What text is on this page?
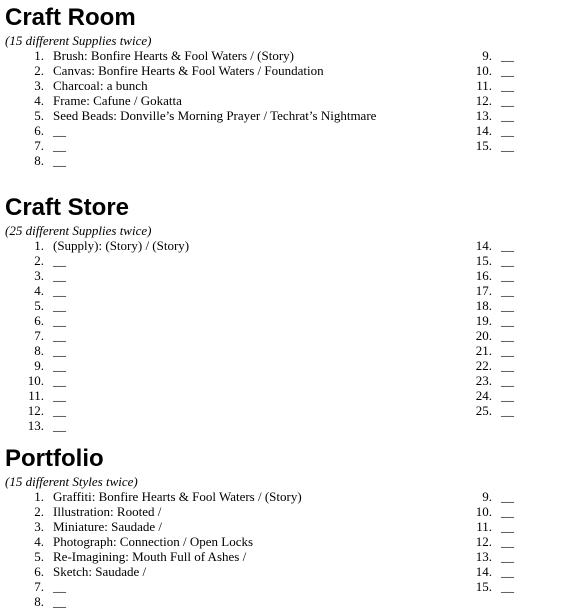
Craft Room
(15 different Supplies twice)
1. Brush: Bonfire Hearts & Fool Waters / (Story)
2. Canvas: Bonfire Hearts & Fool Waters / Foundation
3. Charcoal: a bunch
4. Frame: Cafune / Gokatta
5. Seed Beads: Donville’s Morning Prayer / Techrat’s Nightmare
6. __
7. __
8. __
9. __
10. __
11. __
12. __
13. __
14. __
15. __
Craft Store
(25 different Supplies twice)
1. (Supply): (Story) / (Story)
2. __
3. __
4. __
5. __
6. __
7. __
8. __
9. __
10. __
11. __
12. __
13. __
14. __
15. __
16. __
17. __
18. __
19. __
20. __
21. __
22. __
23. __
24. __
25. __
Portfolio
(15 different Styles twice)
1. Graffiti: Bonfire Hearts & Fool Waters / (Story)
2. Illustration: Rooted /
3. Miniature: Saudade /
4. Photograph: Connection / Open Locks
5. Re-Imagining: Mouth Full of Ashes /
6. Sketch: Saudade /
7. __
8. __
9. __
10. __
11. __
12. __
13. __
14. __
15. __
